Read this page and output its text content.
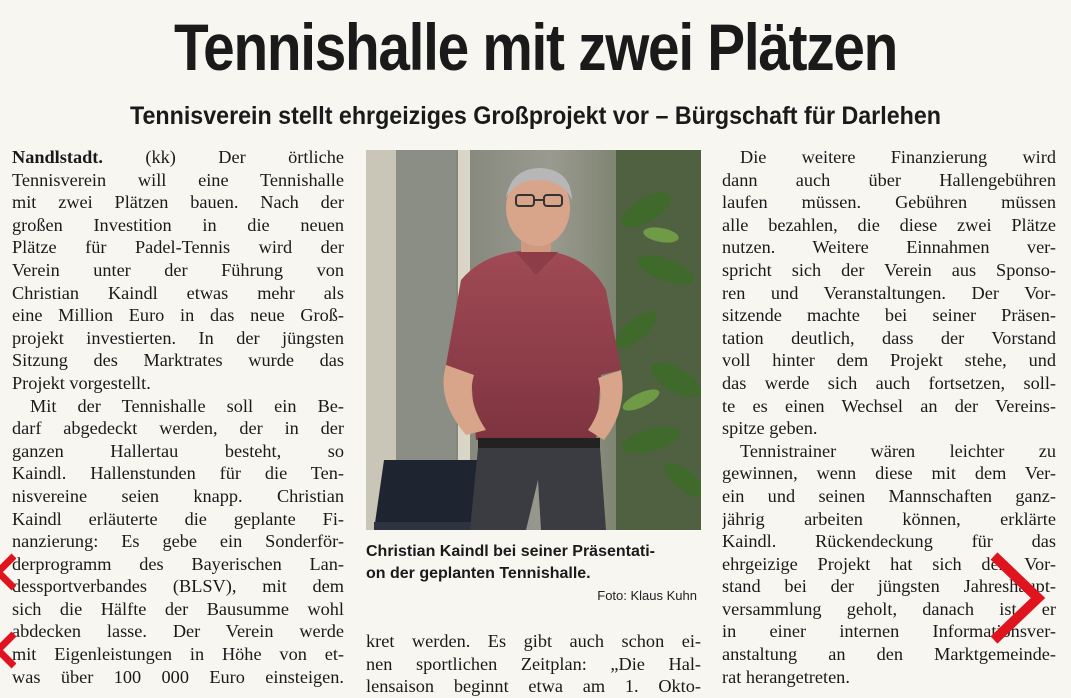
Tennishalle mit zwei Plätzen
Tennisverein stellt ehrgeiziges Großprojekt vor – Bürgschaft für Darlehen
Nandlstadt. (kk) Der örtliche
Tennisverein will eine Tennishalle
mit zwei Plätzen bauen. Nach der
großen Investition in die neuen
Plätze für Padel-Tennis wird der
Verein unter der Führung von
Christian Kaindl etwas mehr als
eine Million Euro in das neue Groß-
projekt investierten. In der jüngsten
Sitzung des Marktrates wurde das
Projekt vorgestellt.
Mit der Tennishalle soll ein Be-
darf abgedeckt werden, der in der
ganzen Hallertau besteht, so
Kaindl. Hallenstunden für die Ten-
nisvereine seien knapp. Christian
Kaindl erläuterte die geplante Fi-
nanzierung: Es gebe ein Sonderför-
derprogramm des Bayerischen Lan-
dessportverbandes (BLSV), mit dem
sich die Hälfte der Bausumme wohl
abdecken lasse. Der Verein werde
mit Eigenleistungen in Höhe von et-
was über 100 000 Euro einsteigen.
Christian Kaindl bei seiner Präsentati-
on der geplanten Tennishalle.
Foto: Klaus Kuhn
kret werden. Es gibt auch schon ei-
nen sportlichen Zeitplan: „Die Hal-
lensaison beginnt etwa am 1. Okto-
Die weitere Finanzierung wird
dann auch über Hallengebühren
laufen müssen. Gebühren müssen
alle bezahlen, die diese zwei Plätze
nutzen. Weitere Einnahmen ver-
spricht sich der Verein aus Sponso-
ren und Veranstaltungen. Der Vor-
sitzende machte bei seiner Präsen-
tation deutlich, dass der Vorstand
voll hinter dem Projekt stehe, und
das werde sich auch fortsetzen, soll-
te es einen Wechsel an der Vereins-
spitze geben.
Tennistrainer wären leichter zu
gewinnen, wenn diese mit dem Ver-
ein und seinen Mannschaften ganz-
jährig arbeiten können, erklärte
Kaindl. Rückendeckung für das
ehrgeizige Projekt hat sich der Vor-
stand bei der jüngsten Jahreshaupt-
versammlung geholt, danach ist er
in einer internen Informationsver-
anstaltung an den Marktgemeinde-
rat herangetreten.
